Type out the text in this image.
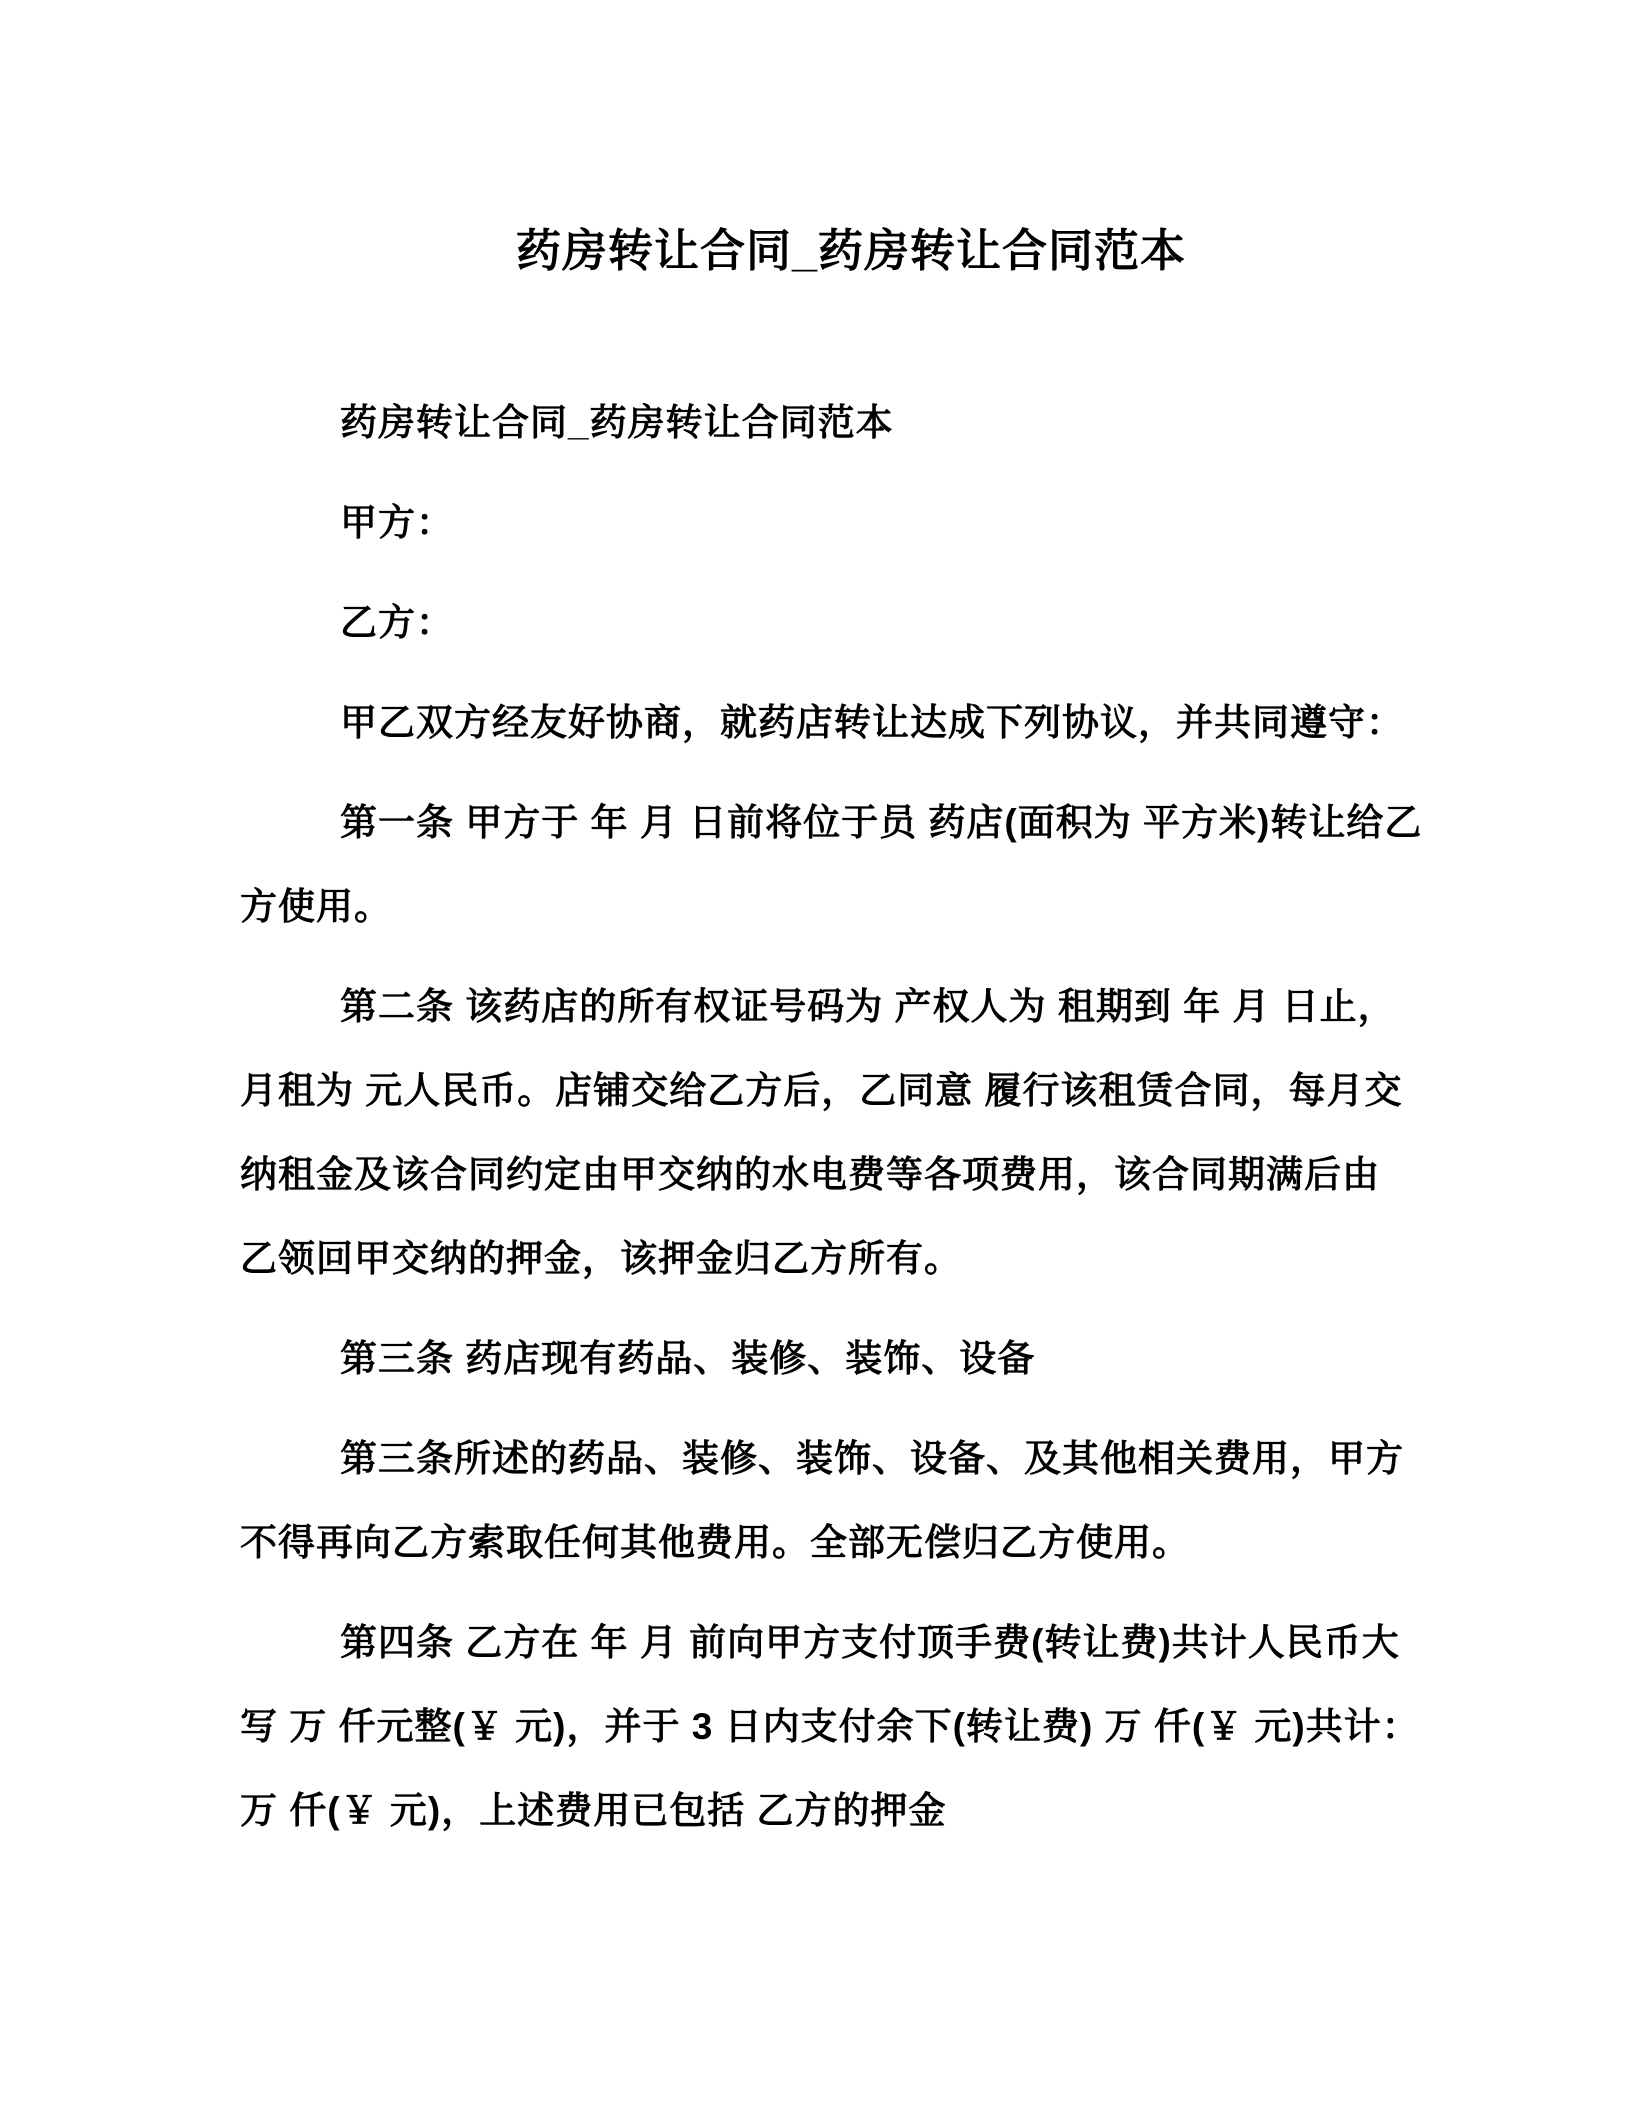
药房转让合同_药房转让合同范本
药房转让合同_药房转让合同范本
甲方：
乙方：
甲乙双方经友好协商，就药店转让达成下列协议，并共同遵守：
第一条 甲方于 年 月 日前将位于员 药店(面积为 平方米)转让给乙
方使用。
第二条 该药店的所有权证号码为 产权人为 租期到 年 月 日止，
月租为 元人民币。店铺交给乙方后，乙同意 履行该租赁合同，每月交
纳租金及该合同约定由甲交纳的水电费等各项费用，该合同期满后由
乙领回甲交纳的押金，该押金归乙方所有。
第三条 药店现有药品、装修、装饰、设备
第三条所述的药品、装修、装饰、设备、及其他相关费用，甲方
不得再向乙方索取任何其他费用。全部无偿归乙方使用。
第四条 乙方在 年 月 前向甲方支付顶手费(转让费)共计人民币大
写 万 仟元整(￥ 元)，并于 3 日内支付余下(转让费) 万 仟(￥ 元)共计：
万 仟(￥ 元)，上述费用已包括 乙方的押金
